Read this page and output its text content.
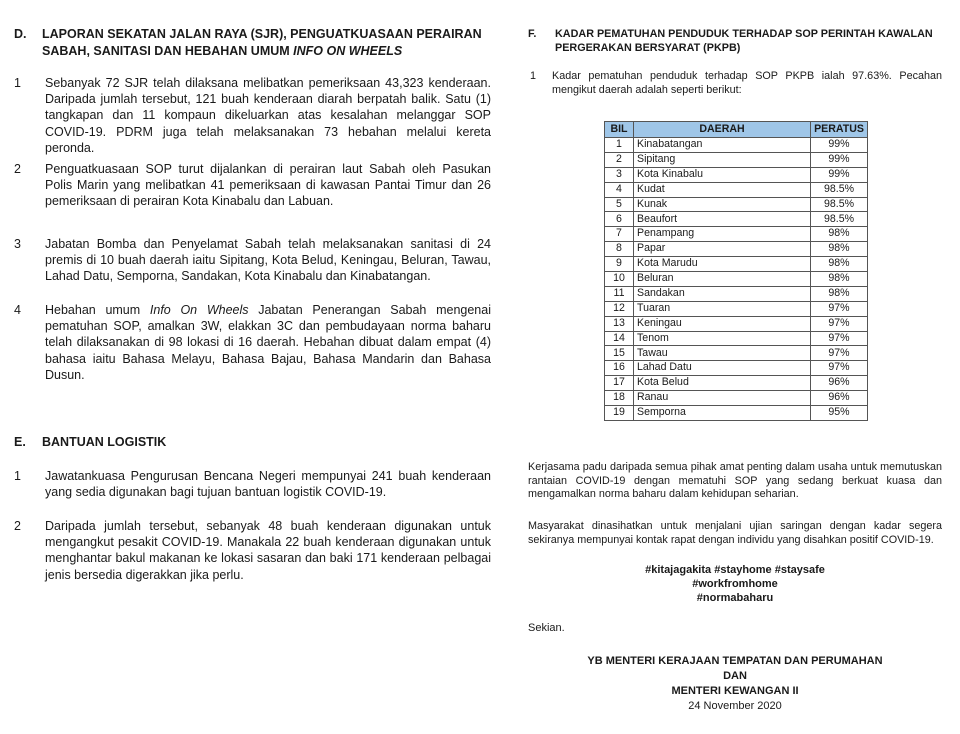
D. LAPORAN SEKATAN JALAN RAYA (SJR), PENGUATKUASAAN PERAIRAN
SABAH, SANITASI DAN HEBAHAN UMUM INFO ON WHEELS
1 Sebanyak 72 SJR telah dilaksana melibatkan pemeriksaan 43,323 kenderaan. Daripada jumlah tersebut, 121 buah kenderaan diarah berpatah balik. Satu (1) tangkapan dan 11 kompaun dikeluarkan atas kesalahan melanggar SOP COVID-19. PDRM juga telah melaksanakan 73 hebahan melalui kereta peronda.
2 Penguatkuasaan SOP turut dijalankan di perairan laut Sabah oleh Pasukan Polis Marin yang melibatkan 41 pemeriksaan di kawasan Pantai Timur dan 26 pemeriksaan di perairan Kota Kinabalu dan Labuan.
3 Jabatan Bomba dan Penyelamat Sabah telah melaksanakan sanitasi di 24 premis di 10 buah daerah iaitu Sipitang, Kota Belud, Keningau, Beluran, Tawau, Lahad Datu, Semporna, Sandakan, Kota Kinabalu dan Kinabatangan.
4 Hebahan umum Info On Wheels Jabatan Penerangan Sabah mengenai pematuhan SOP, amalkan 3W, elakkan 3C dan pembudayaan norma baharu telah dilaksanakan di 98 lokasi di 16 daerah. Hebahan dibuat dalam empat (4) bahasa iaitu Bahasa Melayu, Bahasa Bajau, Bahasa Mandarin dan Bahasa Dusun.
E. BANTUAN LOGISTIK
1 Jawatankuasa Pengurusan Bencana Negeri mempunyai 241 buah kenderaan yang sedia digunakan bagi tujuan bantuan logistik COVID-19.
2 Daripada jumlah tersebut, sebanyak 48 buah kenderaan digunakan untuk mengangkut pesakit COVID-19. Manakala 22 buah kenderaan digunakan untuk menghantar bakul makanan ke lokasi sasaran dan baki 171 kenderaan pelbagai jenis bersedia digerakkan jika perlu.
F. KADAR PEMATUHAN PENDUDUK TERHADAP SOP PERINTAH KAWALAN
PERGERAKAN BERSYARAT (PKPB)
1 Kadar pematuhan penduduk terhadap SOP PKPB ialah 97.63%. Pecahan mengikut daerah adalah seperti berikut:
BIL	DAERAH	PERATUS
1	Kinabatangan	99%
2	Sipitang	99%
3	Kota Kinabalu	99%
4	Kudat	98.5%
5	Kunak	98.5%
6	Beaufort	98.5%
7	Penampang	98%
8	Papar	98%
9	Kota Marudu	98%
10	Beluran	98%
11	Sandakan	98%
12	Tuaran	97%
13	Keningau	97%
14	Tenom	97%
15	Tawau	97%
16	Lahad Datu	97%
17	Kota Belud	96%
18	Ranau	96%
19	Semporna	95%
Kerjasama padu daripada semua pihak amat penting dalam usaha untuk memutuskan rantaian COVID-19 dengan mematuhi SOP yang sedang berkuat kuasa dan mengamalkan norma baharu dalam kehidupan seharian.
Masyarakat dinasihatkan untuk menjalani ujian saringan dengan kadar segera sekiranya mempunyai kontak rapat dengan individu yang disahkan positif COVID-19.
#kitajagakita #stayhome #staysafe
#workfromhome
#normabaharu
Sekian.
YB MENTERI KERAJAAN TEMPATAN DAN PERUMAHAN
DAN
MENTERI KEWANGAN II
24 November 2020
